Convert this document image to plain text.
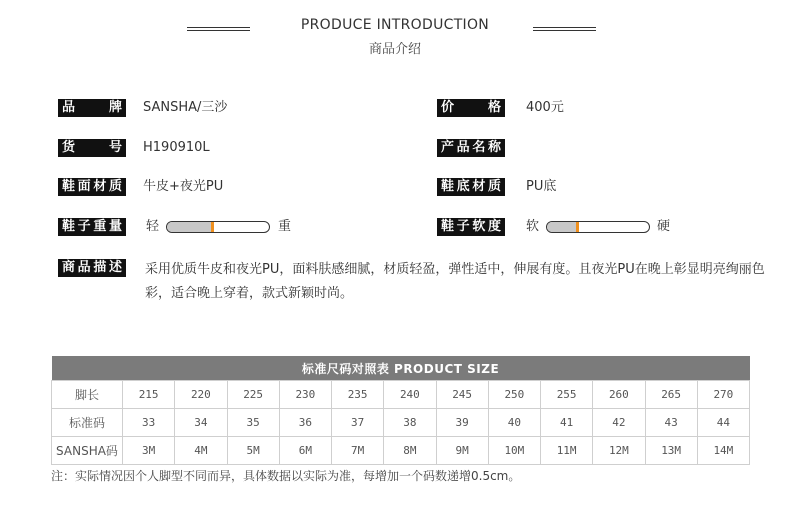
PRODUCE INTRODUCTION
商品介绍
品 牌 SANSHA/三沙	价 格 400元
货 号 H190910L	产品名称
鞋面材质 牛皮+夜光PU	鞋底材质 PU底
鞋子重量 轻	重	鞋子软度 软	硬
商品描述 采用优质牛皮和夜光PU，面料肤感细腻，材质轻盈，弹性适中，伸展有度。且夜光PU在晚上彰显明亮绚丽色彩，适合晚上穿着，款式新颖时尚。
标准尺码对照表 PRODUCT SIZE												
脚长	215	220	225	230	235	240	245	250	255	260	265	270
标准码	33	34	35	36	37	38	39	40	41	42	43	44
SANSHA码	3M	4M	5M	6M	7M	8M	9M	10M	11M	12M	13M	14M
注：实际情况因个人脚型不同而异，具体数据以实际为准，每增加一个码数递增0.5cm。
